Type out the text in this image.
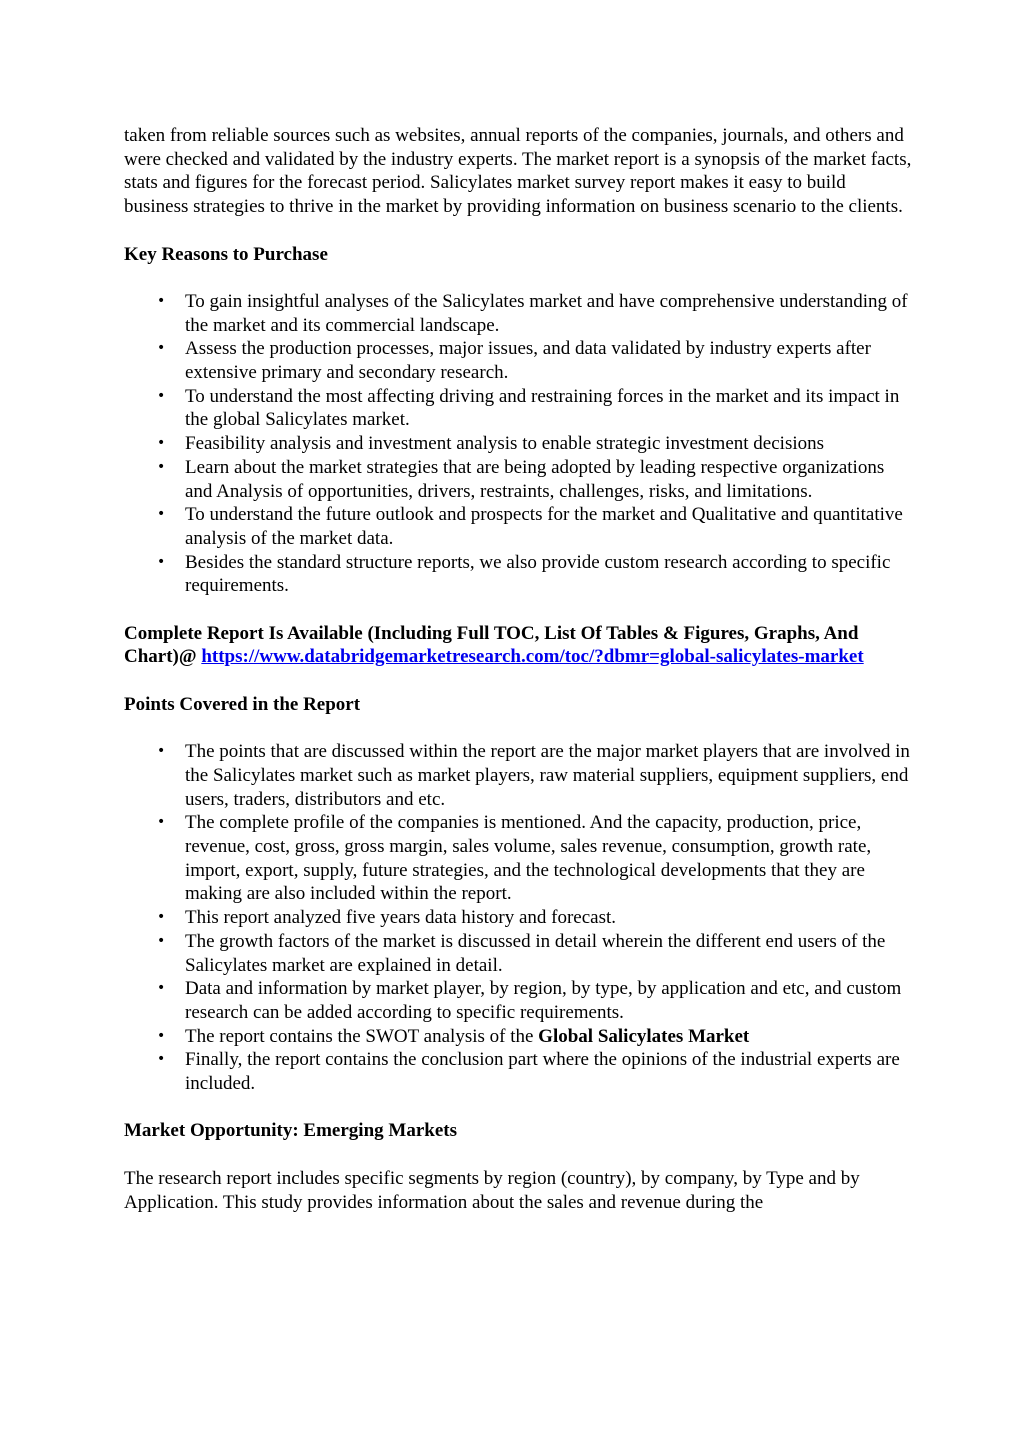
taken from reliable sources such as websites, annual reports of the companies, journals, and others and were checked and validated by the industry experts. The market report is a synopsis of the market facts, stats and figures for the forecast period. Salicylates market survey report makes it easy to build business strategies to thrive in the market by providing information on business scenario to the clients.

Key Reasons to Purchase

• To gain insightful analyses of the Salicylates market and have comprehensive understanding of the market and its commercial landscape.
• Assess the production processes, major issues, and data validated by industry experts after extensive primary and secondary research.
• To understand the most affecting driving and restraining forces in the market and its impact in the global Salicylates market.
• Feasibility analysis and investment analysis to enable strategic investment decisions
• Learn about the market strategies that are being adopted by leading respective organizations and Analysis of opportunities, drivers, restraints, challenges, risks, and limitations.
• To understand the future outlook and prospects for the market and Qualitative and quantitative analysis of the market data.
• Besides the standard structure reports, we also provide custom research according to specific requirements.

Complete Report Is Available (Including Full TOC, List Of Tables & Figures, Graphs, And Chart)@ https://www.databridgemarketresearch.com/toc/?dbmr=global-salicylates-market

Points Covered in the Report

• The points that are discussed within the report are the major market players that are involved in the Salicylates market such as market players, raw material suppliers, equipment suppliers, end users, traders, distributors and etc.
• The complete profile of the companies is mentioned. And the capacity, production, price, revenue, cost, gross, gross margin, sales volume, sales revenue, consumption, growth rate, import, export, supply, future strategies, and the technological developments that they are making are also included within the report.
• This report analyzed five years data history and forecast.
• The growth factors of the market is discussed in detail wherein the different end users of the Salicylates market are explained in detail.
• Data and information by market player, by region, by type, by application and etc, and custom research can be added according to specific requirements.
• The report contains the SWOT analysis of the Global Salicylates Market
• Finally, the report contains the conclusion part where the opinions of the industrial experts are included.

Market Opportunity: Emerging Markets

The research report includes specific segments by region (country), by company, by Type and by Application. This study provides information about the sales and revenue during the
